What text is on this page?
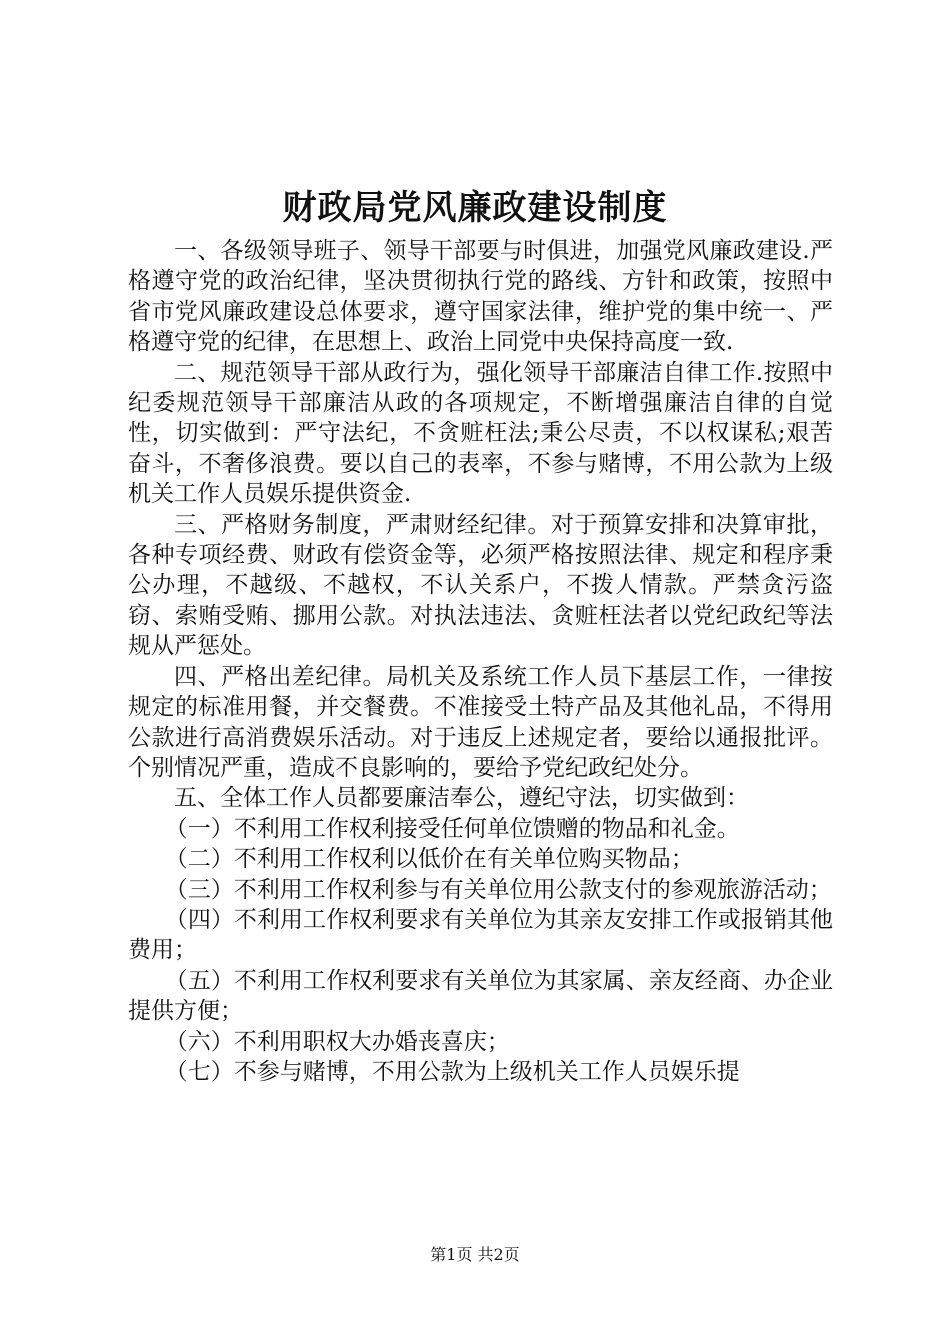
财政局党风廉政建设制度

一、各级领导班子、领导干部要与时俱进，加强党风廉政建设.严格遵守党的政治纪律，坚决贯彻执行党的路线、方针和政策，按照中省市党风廉政建设总体要求，遵守国家法律，维护党的集中统一、严格遵守党的纪律，在思想上、政治上同党中央保持高度一致.

二、规范领导干部从政行为，强化领导干部廉洁自律工作.按照中纪委规范领导干部廉洁从政的各项规定，不断增强廉洁自律的自觉性，切实做到：严守法纪，不贪赃枉法;秉公尽责，不以权谋私;艰苦奋斗，不奢侈浪费。要以自己的表率，不参与赌博，不用公款为上级机关工作人员娱乐提供资金.

三、严格财务制度，严肃财经纪律。对于预算安排和决算审批，各种专项经费、财政有偿资金等，必须严格按照法律、规定和程序秉公办理，不越级、不越权，不认关系户，不拨人情款。严禁贪污盗窃、索贿受贿、挪用公款。对执法违法、贪赃枉法者以党纪政纪等法规从严惩处。

四、严格出差纪律。局机关及系统工作人员下基层工作，一律按规定的标准用餐，并交餐费。不准接受土特产品及其他礼品，不得用公款进行高消费娱乐活动。对于违反上述规定者，要给以通报批评。个别情况严重，造成不良影响的，要给予党纪政纪处分。

五、全体工作人员都要廉洁奉公，遵纪守法，切实做到：

（一）不利用工作权利接受任何单位馈赠的物品和礼金。

（二）不利用工作权利以低价在有关单位购买物品；

（三）不利用工作权利参与有关单位用公款支付的参观旅游活动；

（四）不利用工作权利要求有关单位为其亲友安排工作或报销其他费用；

（五）不利用工作权利要求有关单位为其家属、亲友经商、办企业提供方便；

（六）不利用职权大办婚丧喜庆；

（七）不参与赌博，不用公款为上级机关工作人员娱乐提

第1页 共2页
